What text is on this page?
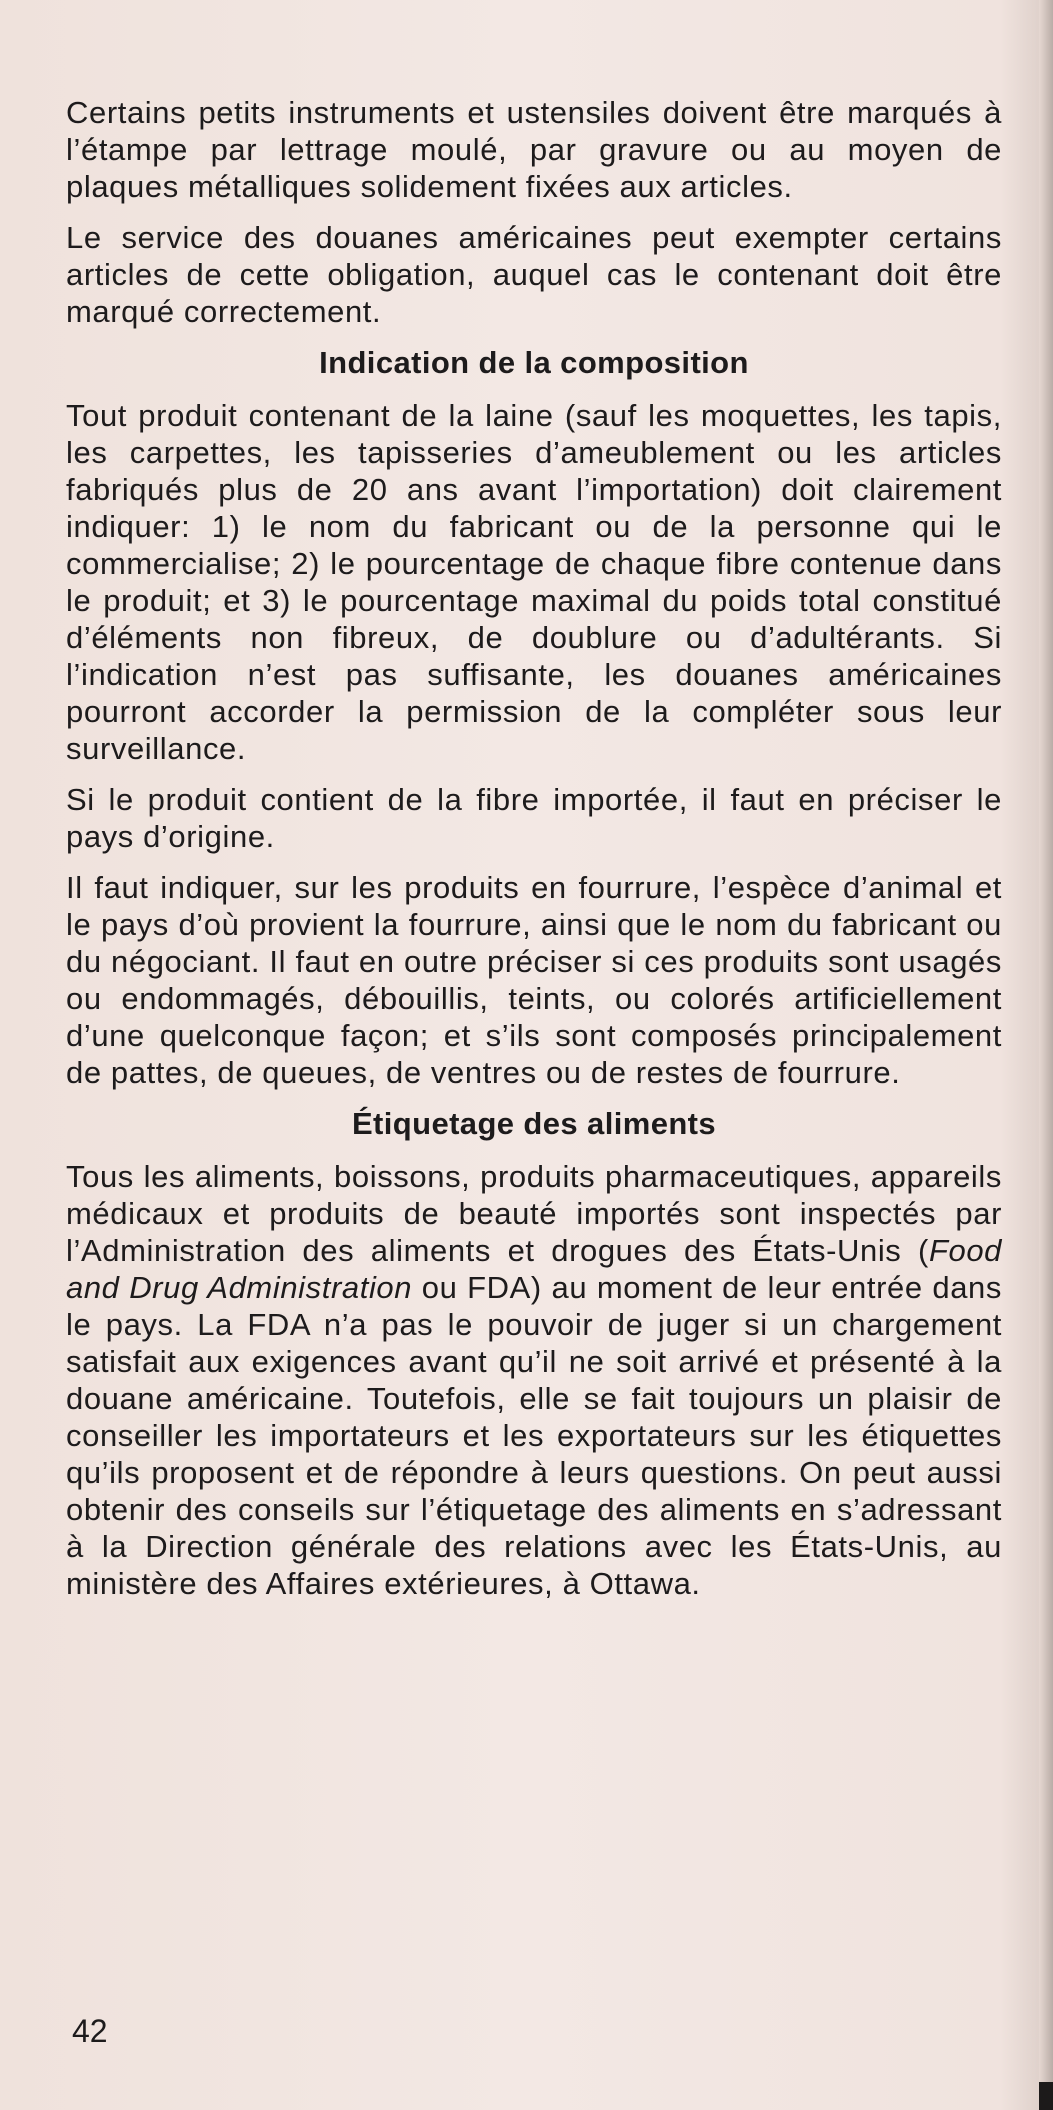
Certains petits instruments et ustensiles doivent être marqués à l’étampe par lettrage moulé, par gravure ou au moyen de plaques métalliques solidement fixées aux articles.

Le service des douanes américaines peut exempter certains articles de cette obligation, auquel cas le contenant doit être marqué correctement.

Indication de la composition

Tout produit contenant de la laine (sauf les moquettes, les tapis, les carpettes, les tapisseries d’ameublement ou les articles fabriqués plus de 20 ans avant l’importation) doit clairement indiquer: 1) le nom du fabricant ou de la personne qui le commercialise; 2) le pourcentage de chaque fibre contenue dans le produit; et 3) le pourcentage maximal du poids total constitué d’éléments non fibreux, de doublure ou d’adultérants. Si l’indication n’est pas suffisante, les douanes américaines pourront accorder la permission de la compléter sous leur surveillance.

Si le produit contient de la fibre importée, il faut en préciser le pays d’origine.

Il faut indiquer, sur les produits en fourrure, l’espèce d’animal et le pays d’où provient la fourrure, ainsi que le nom du fabricant ou du négociant. Il faut en outre préciser si ces produits sont usagés ou endommagés, débouillis, teints, ou colorés artificiellement d’une quelconque façon; et s’ils sont composés principalement de pattes, de queues, de ventres ou de restes de fourrure.

Étiquetage des aliments

Tous les aliments, boissons, produits pharmaceutiques, appareils médicaux et produits de beauté importés sont inspectés par l’Administration des aliments et drogues des États-Unis (Food and Drug Administration ou FDA) au moment de leur entrée dans le pays. La FDA n’a pas le pouvoir de juger si un chargement satisfait aux exigences avant qu’il ne soit arrivé et présenté à la douane américaine. Toutefois, elle se fait toujours un plaisir de conseiller les importateurs et les exportateurs sur les étiquettes qu’ils proposent et de répondre à leurs questions. On peut aussi obtenir des conseils sur l’étiquetage des aliments en s’adressant à la Direction générale des relations avec les États-Unis, au ministère des Affaires extérieures, à Ottawa.

42
